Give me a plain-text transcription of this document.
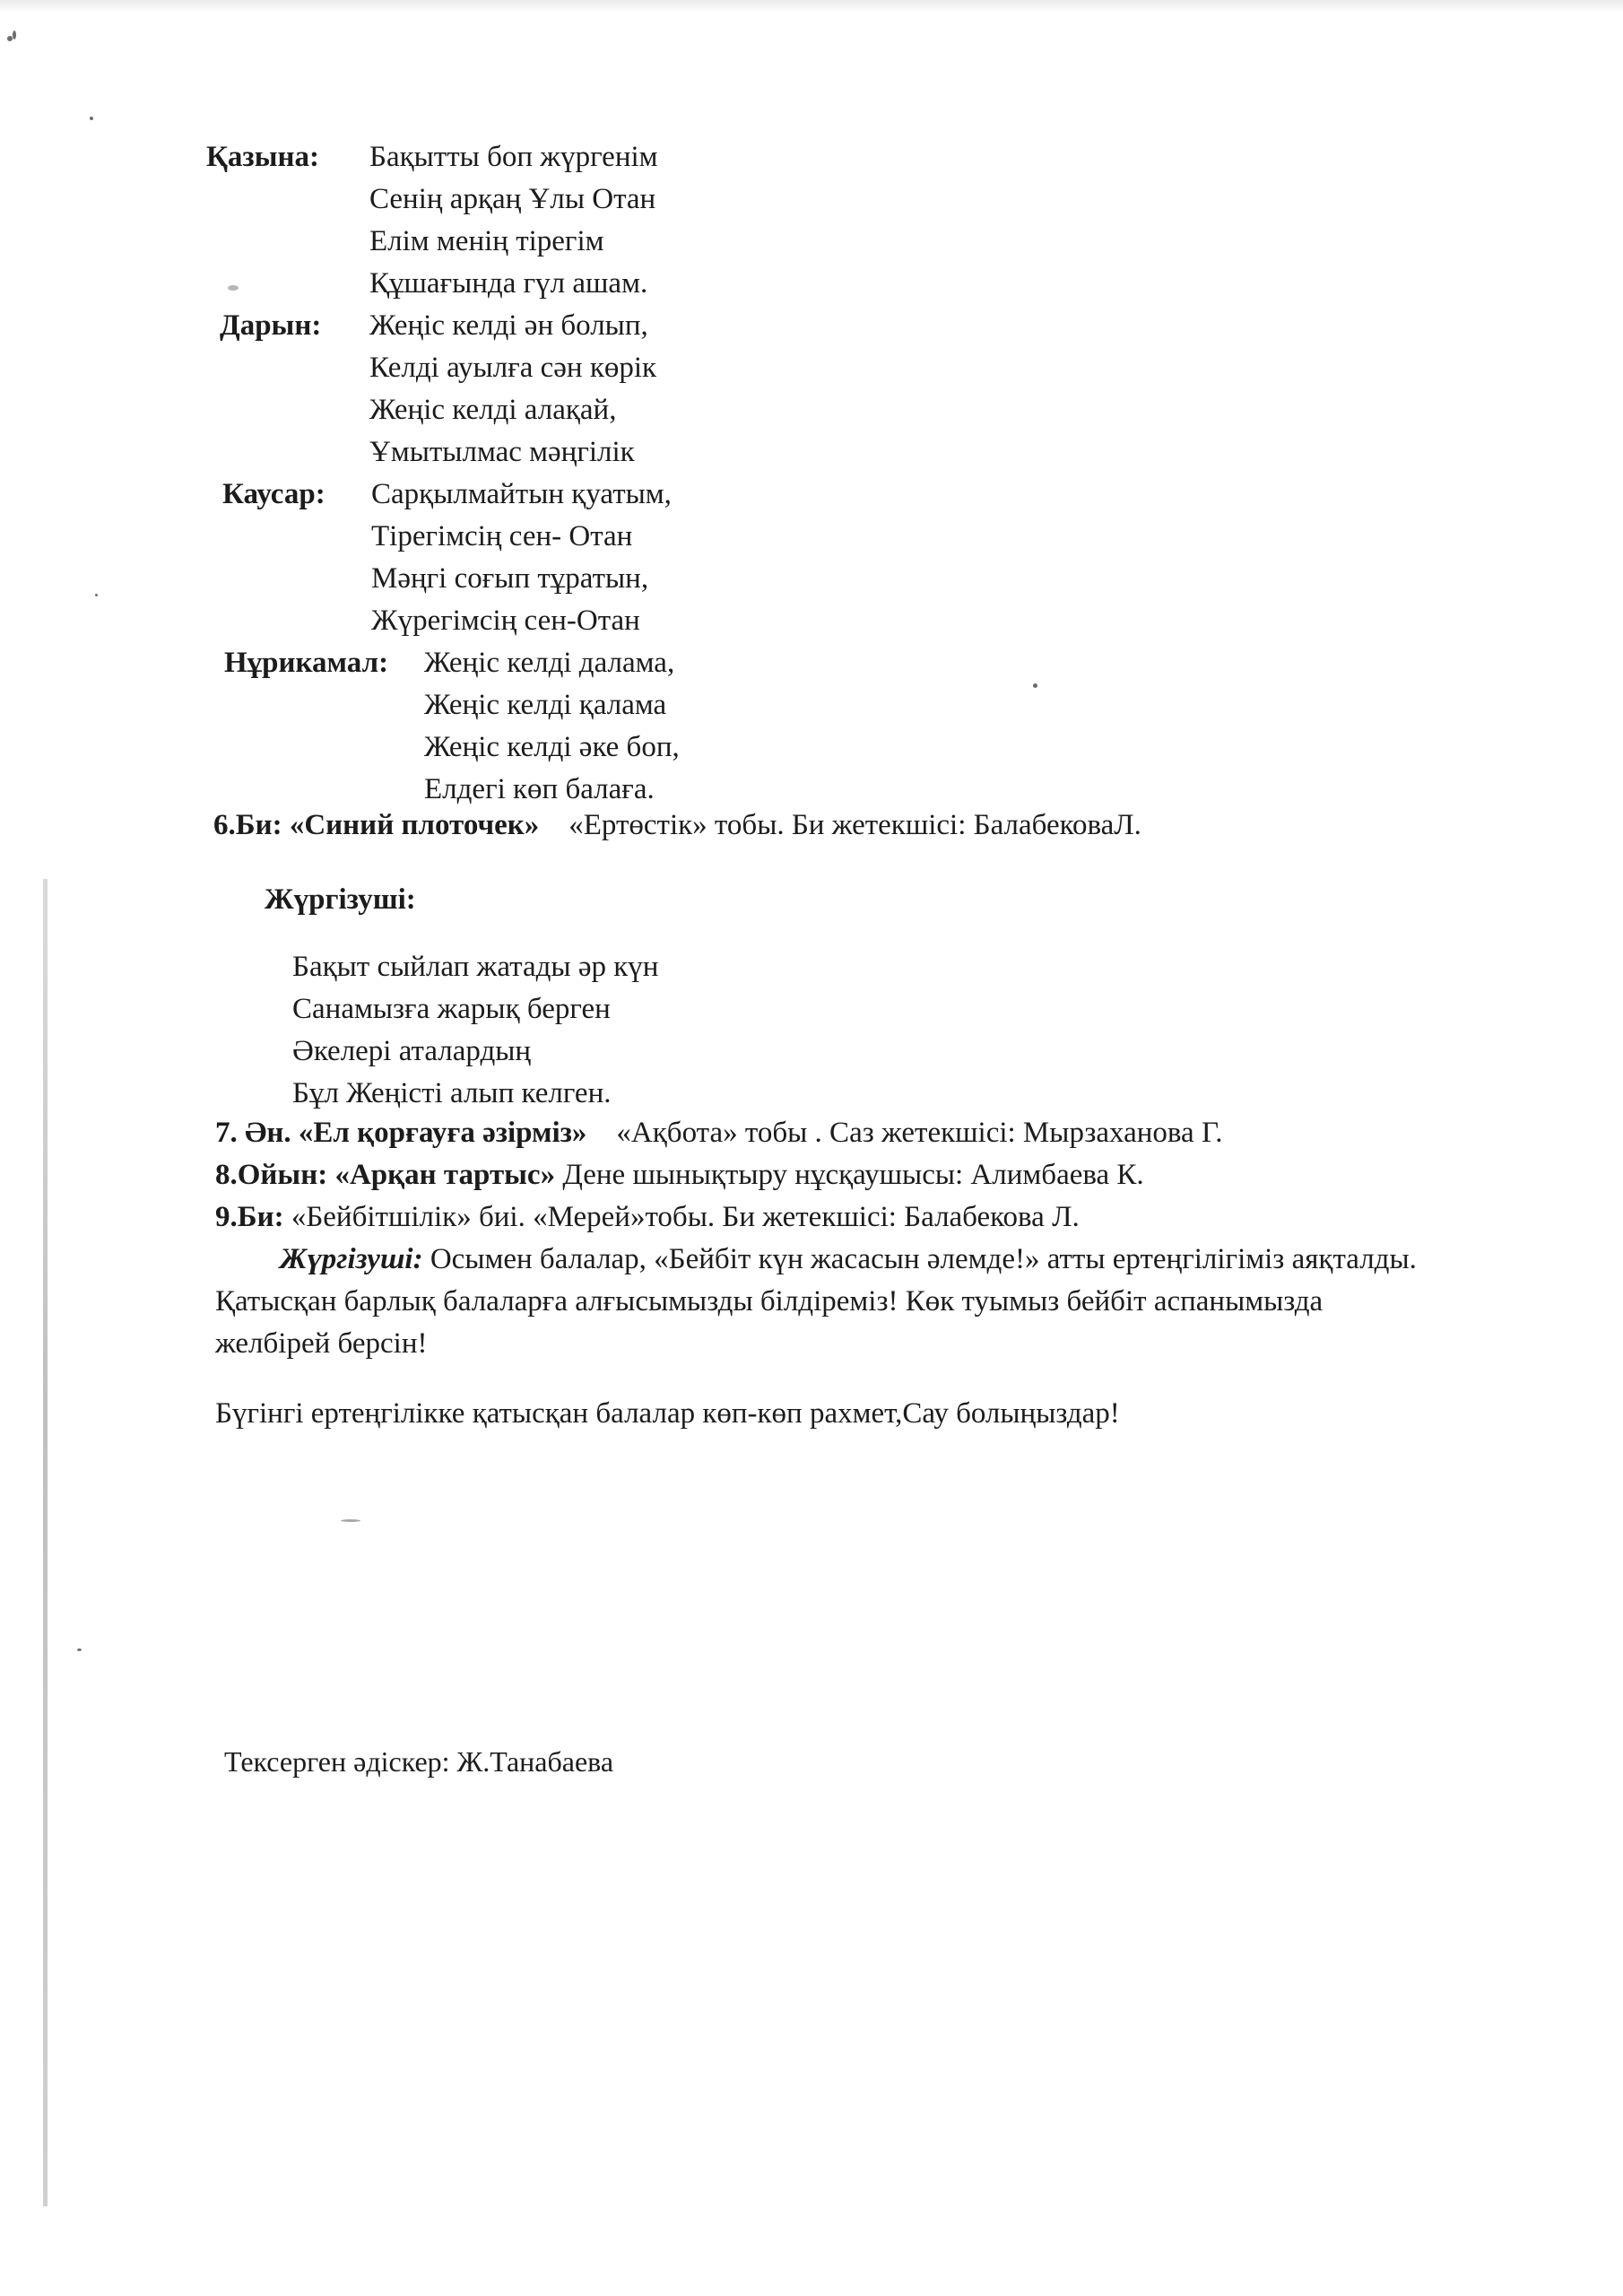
Қазына: Бақытты боп жүргенім
Сенің арқаң Ұлы Отан
Елім менің тірегім
Құшағында гүл ашам.
Дарын: Жеңіс келді ән болып,
Келді ауылға сән көрік
Жеңіс келді алақай,
Ұмытылмас мәңгілік
Каусар: Сарқылмайтын қуатым,
Тірегімсің сен- Отан
Мәңгі соғып тұратын,
Жүрегімсің сен-Отан
Нұрикамал: Жеңіс келді далама,
Жеңіс келді қалама
Жеңіс келді әке боп,
Елдегі көп балаға.
6.Би: «Синий плоточек» «Ертөстік» тобы. Би жетекшісі: БалабековаЛ.
Жүргізуші:
Бақыт сыйлап жатады әр күн
Санамызға жарық берген
Әкелері аталардың
Бұл Жеңісті алып келген.
7. Ән. «Ел қорғауға әзірміз» «Ақбота» тобы . Саз жетекшісі: Мырзаханова Г.
8.Ойын: «Арқан тартыс» Дене шынықтыру нұсқаушысы: Алимбаева К.
9.Би: «Бейбітшілік» биі. «Мерей»тобы. Би жетекшісі: Балабекова Л.
Жүргізуші: Осымен балалар, «Бейбіт күн жасасын әлемде!» атты ертеңгілігіміз аяқталды.
Қатысқан барлық балаларға алғысымызды білдіреміз! Көк туымыз бейбіт аспанымызда
желбірей берсін!
Бүгінгі ертеңгілікке қатысқан балалар көп-көп рахмет,Сау болыңыздар!
Тексерген әдіскер: Ж.Танабаева
